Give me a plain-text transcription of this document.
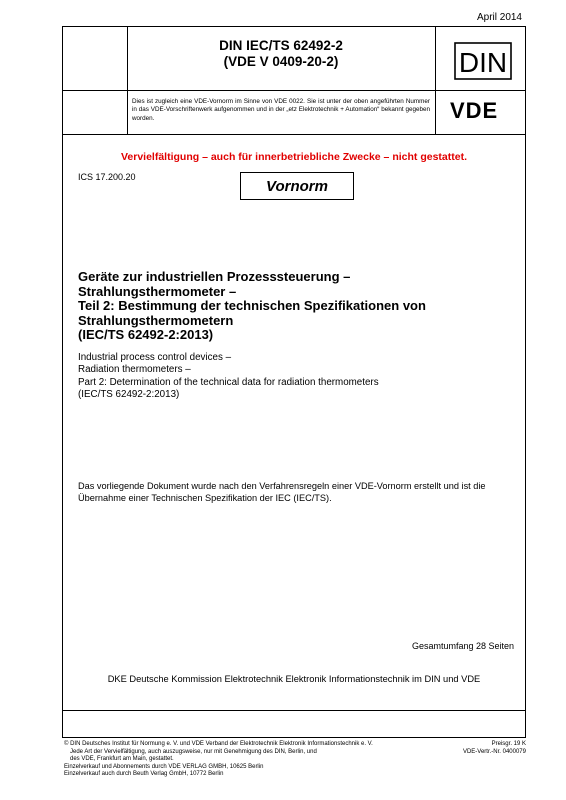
April 2014
DIN IEC/TS 62492-2
(VDE V 0409-20-2)	DIN
Dies ist zugleich eine VDE-Vornorm im Sinne von VDE 0022. Sie ist unter der oben angeführten Nummer in das VDE-Vorschriftenwerk aufgenommen und in der „etz Elektrotechnik + Automation“ bekannt gegeben worden.	VDE
Vervielfältigung – auch für innerbetriebliche Zwecke – nicht gestattet.
ICS 17.200.20
Vornorm
Geräte zur industriellen Prozesssteuerung –
Strahlungsthermometer –
Teil 2: Bestimmung der technischen Spezifikationen von
Strahlungsthermometern
(IEC/TS 62492-2:2013)
Industrial process control devices –
Radiation thermometers –
Part 2: Determination of the technical data for radiation thermometers
(IEC/TS 62492-2:2013)
Das vorliegende Dokument wurde nach den Verfahrensregeln einer VDE-Vornorm erstellt und ist die Übernahme einer Technischen Spezifikation der IEC (IEC/TS).
Gesamtumfang 28 Seiten
DKE Deutsche Kommission Elektrotechnik Elektronik Informationstechnik im DIN und VDE
© DIN Deutsches Institut für Normung e. V. und VDE Verband der Elektrotechnik Elektronik Informationstechnik e. V.
Jede Art der Vervielfältigung, auch auszugsweise, nur mit Genehmigung des DIN, Berlin, und
des VDE, Frankfurt am Main, gestattet.
Einzelverkauf und Abonnements durch VDE VERLAG GMBH, 10625 Berlin
Einzelverkauf auch durch Beuth Verlag GmbH, 10772 Berlin
Preisgr. 19 K
VDE-Vertr.-Nr. 0400079
